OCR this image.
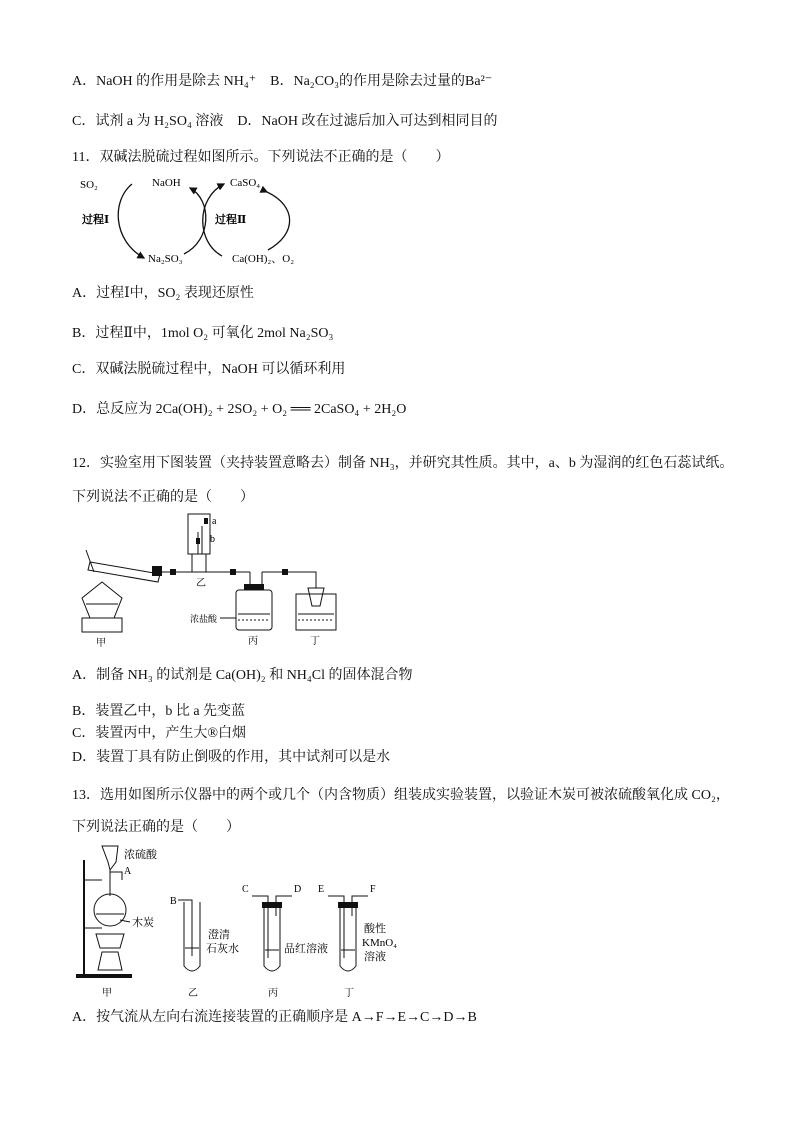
A．NaOH 的作用是除去 NH₄⁺　B．Na₂CO₃的作用是除去过量的Ba²⁻
C．试剂 a 为 H₂SO₄ 溶液　D．NaOH 改在过滤后加入可达到相同目的
11．双碱法脱硫过程如图所示。下列说法不正确的是（　　）
SO₂	NaOH	CaSO₄
过程Ⅰ	过程Ⅱ
Na₂SO₃	Ca(OH)₂、O₂
A．过程Ⅰ中，SO₂ 表现还原性
B．过程Ⅱ中，1mol O₂ 可氧化 2mol Na₂SO₃
C．双碱法脱硫过程中，NaOH 可以循环利用
D．总反应为 2Ca(OH)₂ + 2SO₂ + O₂ ══ 2CaSO₄ + 2H₂O
12．实验室用下图装置（夹持装置意略去）制备 NH₃，并研究其性质。其中，a、b 为湿润的红色石蕊试纸。
下列说法不正确的是（　　）
a
b
乙
浓盐酸
丙	丁
甲
A．制备 NH₃ 的试剂是 Ca(OH)₂ 和 NH₄Cl 的固体混合物
B．装置乙中，b 比 a 先变蓝
C．装置丙中，产生大®白烟
D．装置丁具有防止倒吸的作用，其中试剂可以是水
13．选用如图所示仪器中的两个或几个（内含物质）组装成实验装置，以验证木炭可被浓硫酸氧化成 CO₂，
下列说法正确的是（　　）
浓硫酸
A
木炭
甲
B
澄清
石灰水
乙
C	D
品红溶液
丙
E	F
酸性
KMnO₄
溶液
丁
A．按气流从左向右流连接装置的正确顺序是 A→F→E→C→D→B
